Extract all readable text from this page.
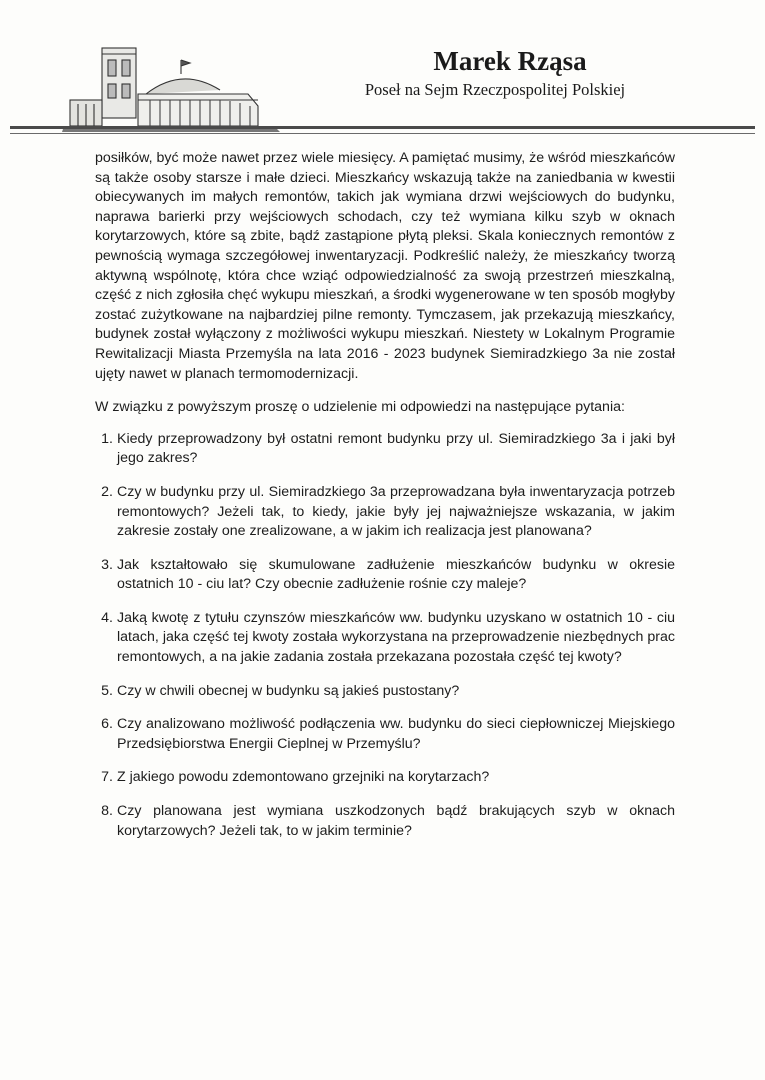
Marek Rząsa
Poseł na Sejm Rzeczpospolitej Polskiej

posiłków, być może nawet przez wiele miesięcy. A pamiętać musimy, że wśród mieszkańców są także osoby starsze i małe dzieci. Mieszkańcy wskazują także na zaniedbania w kwestii obiecywanych im małych remontów, takich jak wymiana drzwi wejściowych do budynku, naprawa barierki przy wejściowych schodach, czy też wymiana kilku szyb w oknach korytarzowych, które są zbite, bądź zastąpione płytą pleksi. Skala koniecznych remontów z pewnością wymaga szczegółowej inwentaryzacji. Podkreślić należy, że mieszkańcy tworzą aktywną wspólnotę, która chce wziąć odpowiedzialność za swoją przestrzeń mieszkalną, część z nich zgłosiła chęć wykupu mieszkań, a środki wygenerowane w ten sposób mogłyby zostać zużytkowane na najbardziej pilne remonty. Tymczasem, jak przekazują mieszkańcy, budynek został wyłączony z możliwości wykupu mieszkań. Niestety w Lokalnym Programie Rewitalizacji Miasta Przemyśla na lata 2016 - 2023 budynek Siemiradzkiego 3a nie został ujęty nawet w planach termomodernizacji.

W związku z powyższym proszę o udzielenie mi odpowiedzi na następujące pytania:

1. Kiedy przeprowadzony był ostatni remont budynku przy ul. Siemiradzkiego 3a i jaki był jego zakres?
2. Czy w budynku przy ul. Siemiradzkiego 3a przeprowadzana była inwentaryzacja potrzeb remontowych? Jeżeli tak, to kiedy, jakie były jej najważniejsze wskazania, w jakim zakresie zostały one zrealizowane, a w jakim ich realizacja jest planowana?
3. Jak kształtowało się skumulowane zadłużenie mieszkańców budynku w okresie ostatnich 10 - ciu lat? Czy obecnie zadłużenie rośnie czy maleje?
4. Jaką kwotę z tytułu czynszów mieszkańców ww. budynku uzyskano w ostatnich 10 - ciu latach, jaka część tej kwoty została wykorzystana na przeprowadzenie niezbędnych prac remontowych, a na jakie zadania została przekazana pozostała część tej kwoty?
5. Czy w chwili obecnej w budynku są jakieś pustostany?
6. Czy analizowano możliwość podłączenia ww. budynku do sieci ciepłowniczej Miejskiego Przedsiębiorstwa Energii Cieplnej w Przemyślu?
7. Z jakiego powodu zdemontowano grzejniki na korytarzach?
8. Czy planowana jest wymiana uszkodzonych bądź brakujących szyb w oknach korytarzowych? Jeżeli tak, to w jakim terminie?
